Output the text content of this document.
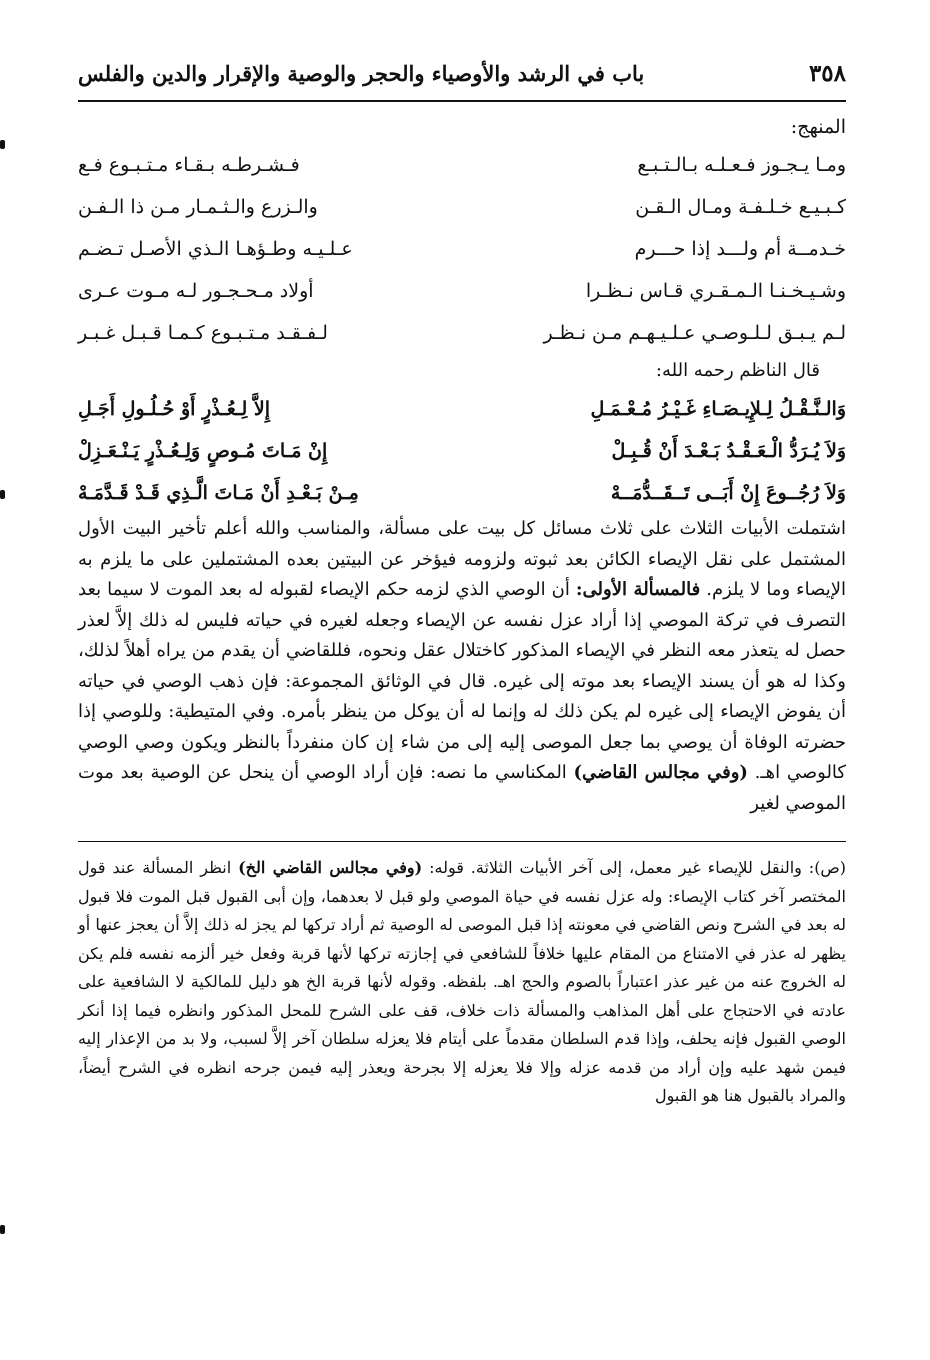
٣٥٨
باب في الرشد والأوصياء والحجر والوصية والإقرار والدين والفلس
المنهج:
ومـا يـجـوز فـعـلـه بـالـتـبـع
فـشـرطـه بـقـاء مـتـبـوع فـع
كـبـيـع خـلـفـة ومـال الـقـن
والـزرع والـثـمـار مـن ذا الـفـن
خـدمــة أم ولـــد إذا حـــرم
عـلـيـه وطـؤهـا الـذي الأصـل تـضـم
وشـيـخـنـا الـمـقـري قـاس نـظـرا
أولاد مـحـجـور لـه مـوت عـرى
لـم يـبـق لـلـوصـي عـلـيـهـم مـن نـظـر
لـفـقـد مـتـبـوع كـمـا قـبـل غـبـر
قال الناظم رحمه الله:
وَالـنَّـقْـلُ لِـلإِيـصَـاءِ غَـيْـرُ مُـعْـمَـلِ
إِلاَّ لِـعُـذْرٍ أَوْ حُـلُـولِ أَجَـلِ
وَلاَ يُـرَدُّ الْـعَـقْـدُ بَـعْـدَ أَنْ قُـبِـلْ
إِنْ مَـاتَ مُـوصٍ وَلِـعُـذْرٍ يَـنْـعَـزِلْ
وَلاَ رُجُــوعَ إِنْ أَبَــى تَــقَــدُّمَــهْ
مِـنْ بَـعْـدِ أَنْ مَـاتَ الَّـذِي قَـدْ قَـدَّمَـهْ

اشتملت الأبيات الثلاث على ثلاث مسائل كل بيت على مسألة، والمناسب والله أعلم تأخير البيت الأول المشتمل على نقل الإيصاء الكائن بعد ثبوته ولزومه فيؤخر عن البيتين بعده المشتملين على ما يلزم به الإيصاء وما لا يلزم. فالمسألة الأولى: أن الوصي الذي لزمه حكم الإيصاء لقبوله له بعد الموت لا سيما بعد التصرف في تركة الموصي إذا أراد عزل نفسه عن الإيصاء وجعله لغيره في حياته فليس له ذلك إلاَّ لعذر حصل له يتعذر معه النظر في الإيصاء المذكور كاختلال عقل ونحوه، فللقاضي أن يقدم من يراه أهلاً لذلك، وكذا له هو أن يسند الإيصاء بعد موته إلى غيره. قال في الوثائق المجموعة: فإن ذهب الوصي في حياته أن يفوض الإيصاء إلى غيره لم يكن ذلك له وإنما له أن يوكل من ينظر بأمره. وفي المتيطية: وللوصي إذا حضرته الوفاة أن يوصي بما جعل الموصى إليه إلى من شاء إن كان منفرداً بالنظر ويكون وصي الوصي كالوصي اهـ. (وفي مجالس القاضي) المكناسي ما نصه: فإن أراد الوصي أن ينحل عن الوصية بعد موت الموصي لغير

(ص): والنقل للإيصاء غير معمل، إلى آخر الأبيات الثلاثة. قوله: (وفي مجالس القاضي الخ) انظر المسألة عند قول المختصر آخر كتاب الإيصاء: وله عزل نفسه في حياة الموصي ولو قبل لا بعدهما، وإن أبى القبول قبل الموت فلا قبول له بعد في الشرح ونص القاضي في معونته إذا قبل الموصى له الوصية ثم أراد تركها لم يجز له ذلك إلاَّ أن يعجز عنها أو يظهر له عذر في الامتناع من المقام عليها خلافاً للشافعي في إجازته تركها لأنها قربة وفعل خير ألزمه نفسه فلم يكن له الخروج عنه من غير عذر اعتباراً بالصوم والحج اهـ. بلفظه. وقوله لأنها قربة الخ هو دليل للمالكية لا الشافعية على عادته في الاحتجاج على أهل المذاهب والمسألة ذات خلاف، قف على الشرح للمحل المذكور وانظره فيما إذا أنكر الوصي القبول فإنه يحلف، وإذا قدم السلطان مقدماً على أيتام فلا يعزله سلطان آخر إلاَّ لسبب، ولا بد من الإعذار إليه فيمن شهد عليه وإن أراد من قدمه عزله وإلا فلا يعزله إلا بجرحة ويعذر إليه فيمن جرحه انظره في الشرح أيضاً، والمراد بالقبول هنا هو القبول
